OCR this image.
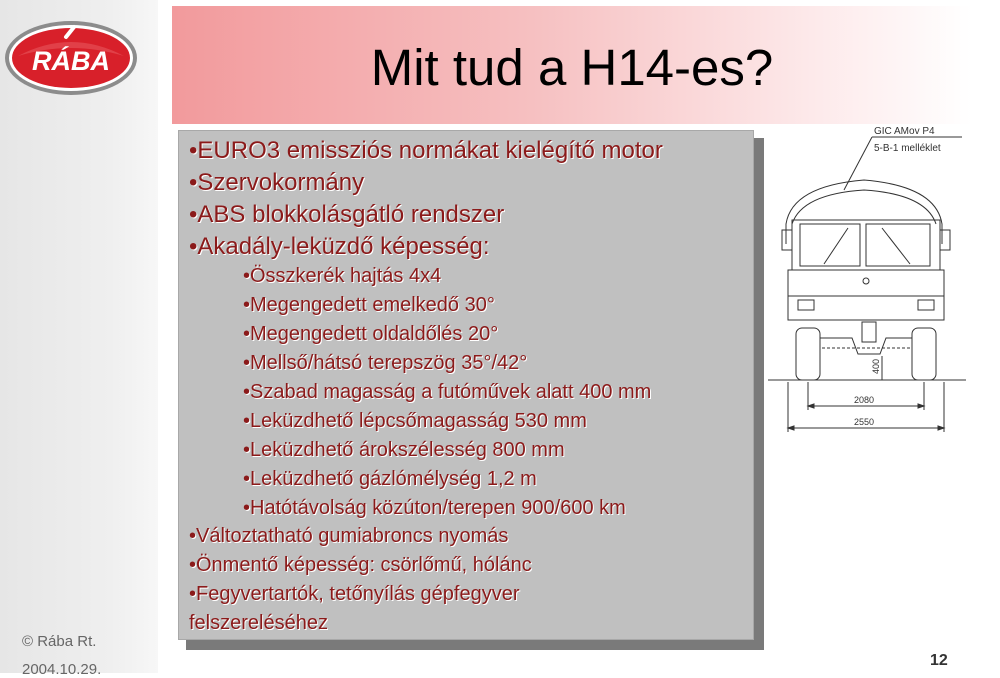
RÁBA
© Rába Rt.
2004.10.29.
Mit tud a H14-es?
•EURO3 emissziós normákat kielégítő motor
•Szervokormány
•ABS blokkolásgátló rendszer
•Akadály-leküzdő képesség:
•Összkerék hajtás 4x4
•Megengedett emelkedő 30°
•Megengedett oldaldőlés 20°
•Mellső/hátsó terepszög 35°/42°
•Szabad magasság a futóművek alatt 400 mm
•Leküzdhető lépcsőmagasság 530 mm
•Leküzdhető árokszélesség 800 mm
•Leküzdhető gázlómélység 1,2 m
•Hatótávolság közúton/terepen 900/600 km
•Változtatható gumiabroncs nyomás
•Önmentő képesség: csörlőmű, hólánc
•Fegyvertartók, tetőnyílás gépfegyver
felszereléséhez
GIC AMov P4
5-B-1 melléklet
400
2080
2550
12
